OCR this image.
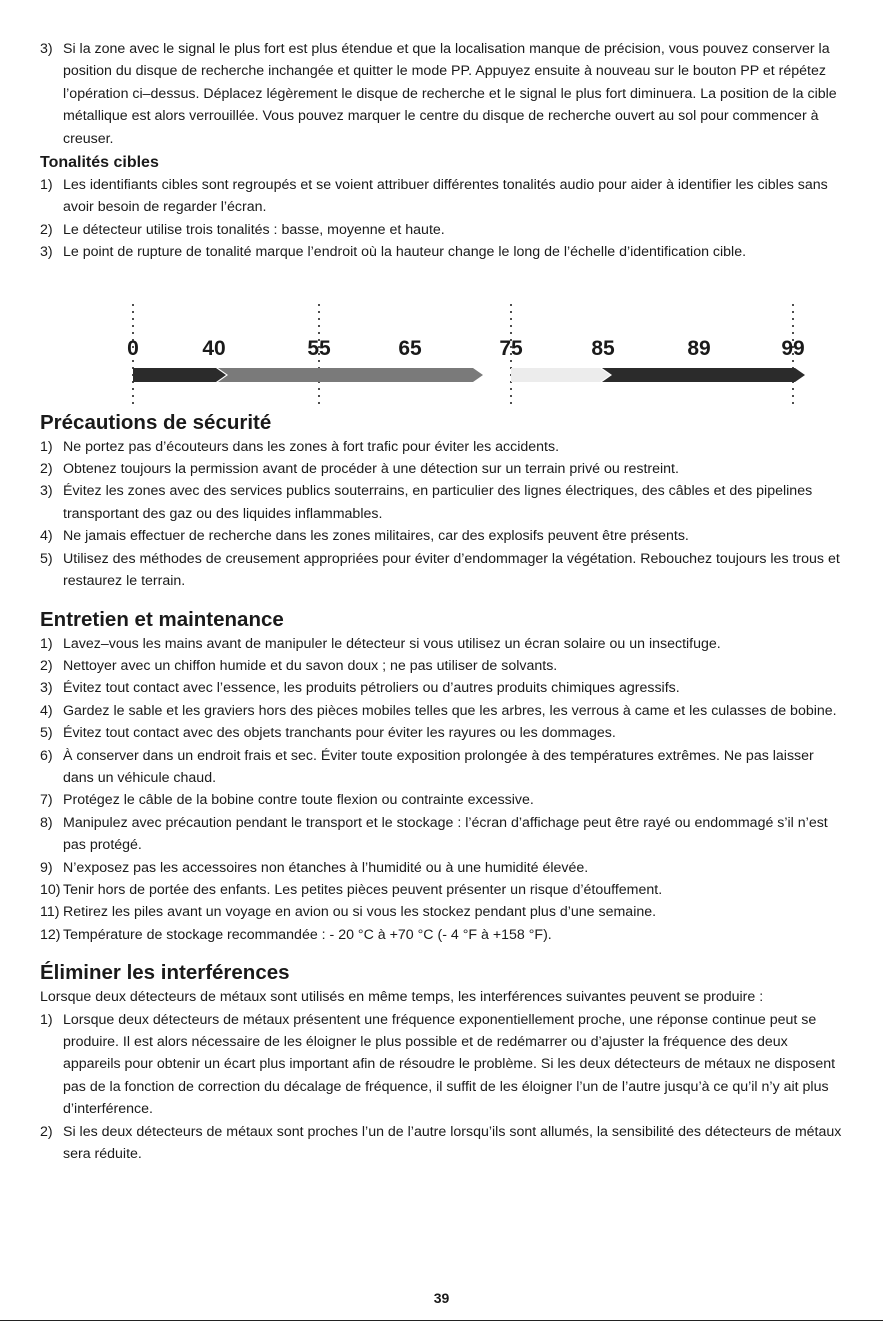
3) Si la zone avec le signal le plus fort est plus étendue et que la localisation manque de précision, vous pouvez conserver la position du disque de recherche inchangée et quitter le mode PP. Appuyez ensuite à nouveau sur le bouton PP et répétez l’opération ci–dessus. Déplacez légèrement le disque de recherche et le signal le plus fort diminuera. La position de la cible métallique est alors verrouillée. Vous pouvez marquer le centre du disque de recherche ouvert au sol pour commencer à creuser.
Tonalités cibles
1) Les identifiants cibles sont regroupés et se voient attribuer différentes tonalités audio pour aider à identifier les cibles sans avoir besoin de regarder l’écran.
2) Le détecteur utilise trois tonalités : basse, moyenne et haute.
3) Le point de rupture de tonalité marque l’endroit où la hauteur change le long de l’échelle d’identification cible.
0	40	55	65	75	85	89	99
Précautions de sécurité
1) Ne portez pas d’écouteurs dans les zones à fort trafic pour éviter les accidents.
2) Obtenez toujours la permission avant de procéder à une détection sur un terrain privé ou restreint.
3) Évitez les zones avec des services publics souterrains, en particulier des lignes électriques, des câbles et des pipelines transportant des gaz ou des liquides inflammables.
4) Ne jamais effectuer de recherche dans les zones militaires, car des explosifs peuvent être présents.
5) Utilisez des méthodes de creusement appropriées pour éviter d’endommager la végétation. Rebouchez toujours les trous et restaurez le terrain.
Entretien et maintenance
1) Lavez–vous les mains avant de manipuler le détecteur si vous utilisez un écran solaire ou un insectifuge.
2) Nettoyer avec un chiffon humide et du savon doux ; ne pas utiliser de solvants.
3) Évitez tout contact avec l’essence, les produits pétroliers ou d’autres produits chimiques agressifs.
4) Gardez le sable et les graviers hors des pièces mobiles telles que les arbres, les verrous à came et les culasses de bobine.
5) Évitez tout contact avec des objets tranchants pour éviter les rayures ou les dommages.
6) À conserver dans un endroit frais et sec. Éviter toute exposition prolongée à des températures extrêmes. Ne pas laisser dans un véhicule chaud.
7) Protégez le câble de la bobine contre toute flexion ou contrainte excessive.
8) Manipulez avec précaution pendant le transport et le stockage : l’écran d’affichage peut être rayé ou endommagé s’il n’est pas protégé.
9) N’exposez pas les accessoires non étanches à l’humidité ou à une humidité élevée.
10) Tenir hors de portée des enfants. Les petites pièces peuvent présenter un risque d’étouffement.
11) Retirez les piles avant un voyage en avion ou si vous les stockez pendant plus d’une semaine.
12) Température de stockage recommandée : - 20 °C à +70 °C (- 4 °F à +158 °F).
Éliminer les interférences
Lorsque deux détecteurs de métaux sont utilisés en même temps, les interférences suivantes peuvent se produire :
1) Lorsque deux détecteurs de métaux présentent une fréquence exponentiellement proche, une réponse continue peut se produire. Il est alors nécessaire de les éloigner le plus possible et de redémarrer ou d’ajuster la fréquence des deux appareils pour obtenir un écart plus important afin de résoudre le problème. Si les deux détecteurs de métaux ne disposent pas de la fonction de correction du décalage de fréquence, il suffit de les éloigner l’un de l’autre jusqu’à ce qu’il n’y ait plus d’interférence.
2) Si les deux détecteurs de métaux sont proches l’un de l’autre lorsqu’ils sont allumés, la sensibilité des détecteurs de métaux sera réduite.
39
